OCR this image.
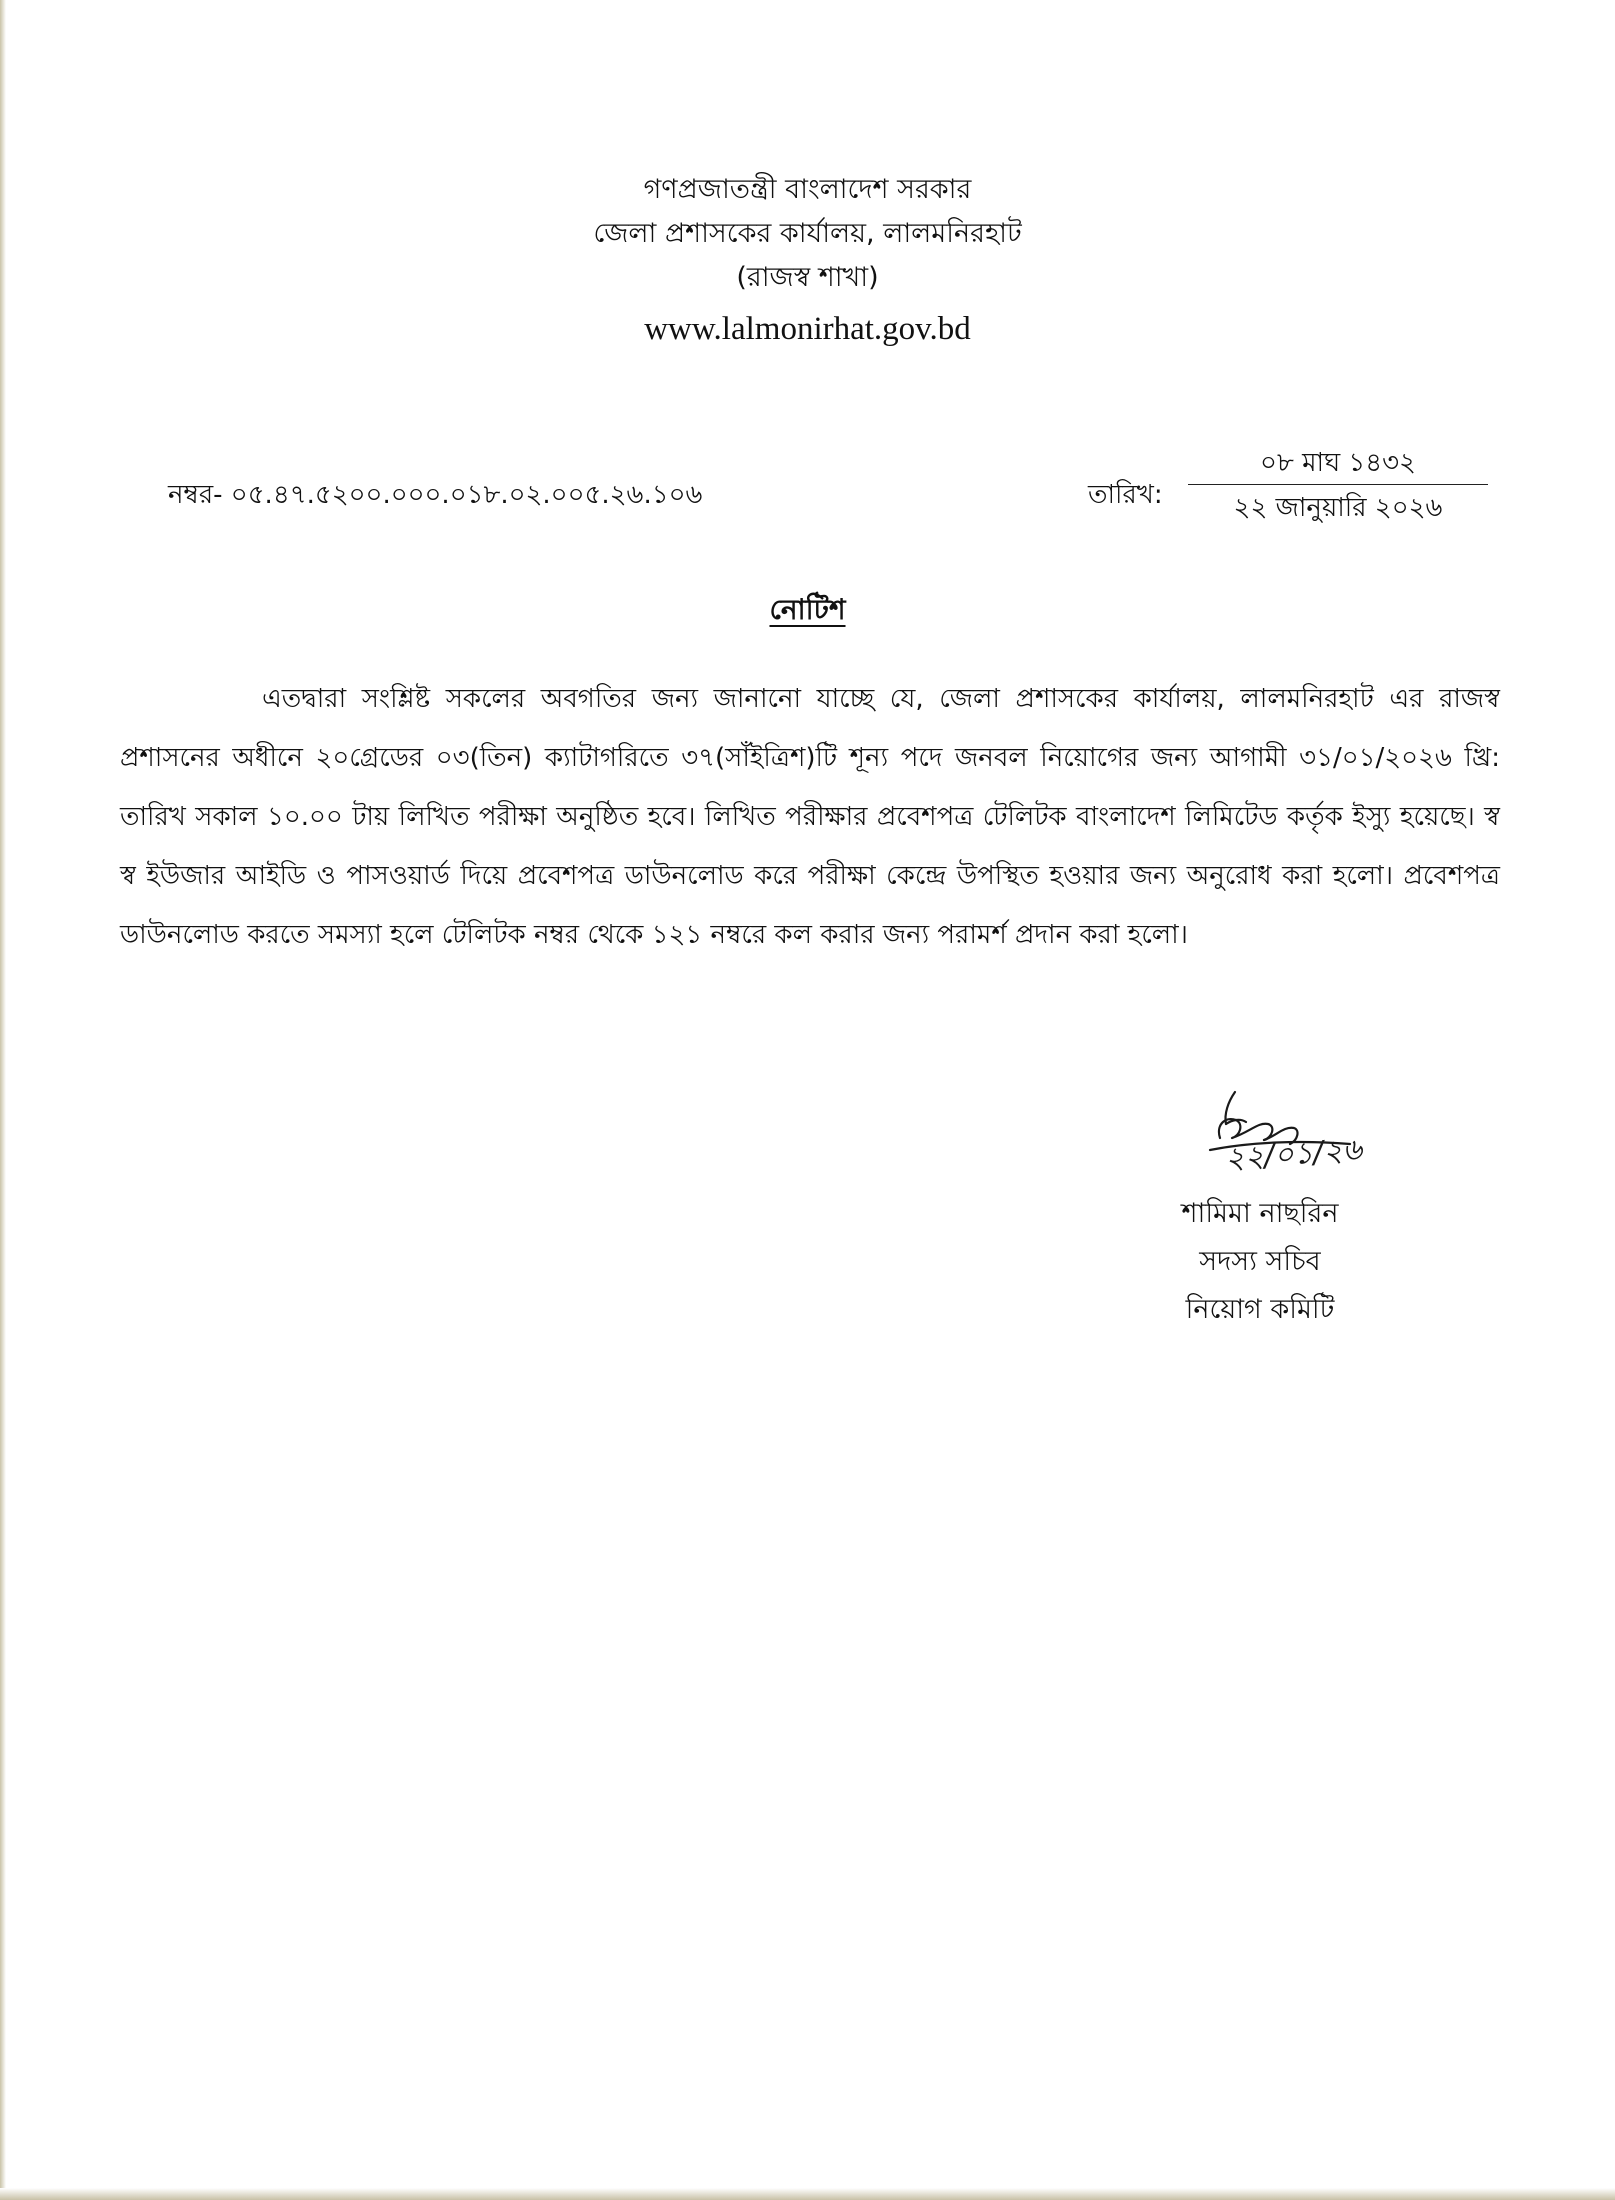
গণপ্রজাতন্ত্রী বাংলাদেশ সরকার
জেলা প্রশাসকের কার্যালয়, লালমনিরহাট
(রাজস্ব শাখা)
www.lalmonirhat.gov.bd
নম্বর- ০৫.৪৭.৫২০০.০০০.০১৮.০২.০০৫.২৬.১০৬	তারিখ:
০৮ মাঘ ১৪৩২
২২ জানুয়ারি ২০২৬
নোটিশ
এতদ্বারা সংশ্লিষ্ট সকলের অবগতির জন্য জানানো যাচ্ছে যে, জেলা প্রশাসকের কার্যালয়, লালমনিরহাট এর রাজস্ব প্রশাসনের অধীনে ২০গ্রেডের ০৩(তিন) ক্যাটাগরিতে ৩৭(সাঁইত্রিশ)টি শূন্য পদে জনবল নিয়োগের জন্য আগামী ৩১/০১/২০২৬ খ্রি: তারিখ সকাল ১০.০০ টায় লিখিত পরীক্ষা অনুষ্ঠিত হবে। লিখিত পরীক্ষার প্রবেশপত্র টেলিটক বাংলাদেশ লিমিটেড কর্তৃক ইস্যু হয়েছে। স্ব স্ব ইউজার আইডি ও পাসওয়ার্ড দিয়ে প্রবেশপত্র ডাউনলোড করে পরীক্ষা কেন্দ্রে উপস্থিত হওয়ার জন্য অনুরোধ করা হলো। প্রবেশপত্র ডাউনলোড করতে সমস্যা হলে টেলিটক নম্বর থেকে ১২১ নম্বরে কল করার জন্য পরামর্শ প্রদান করা হলো।
২২/০১/২৬
শামিমা নাছরিন
সদস্য সচিব
নিয়োগ কমিটি
